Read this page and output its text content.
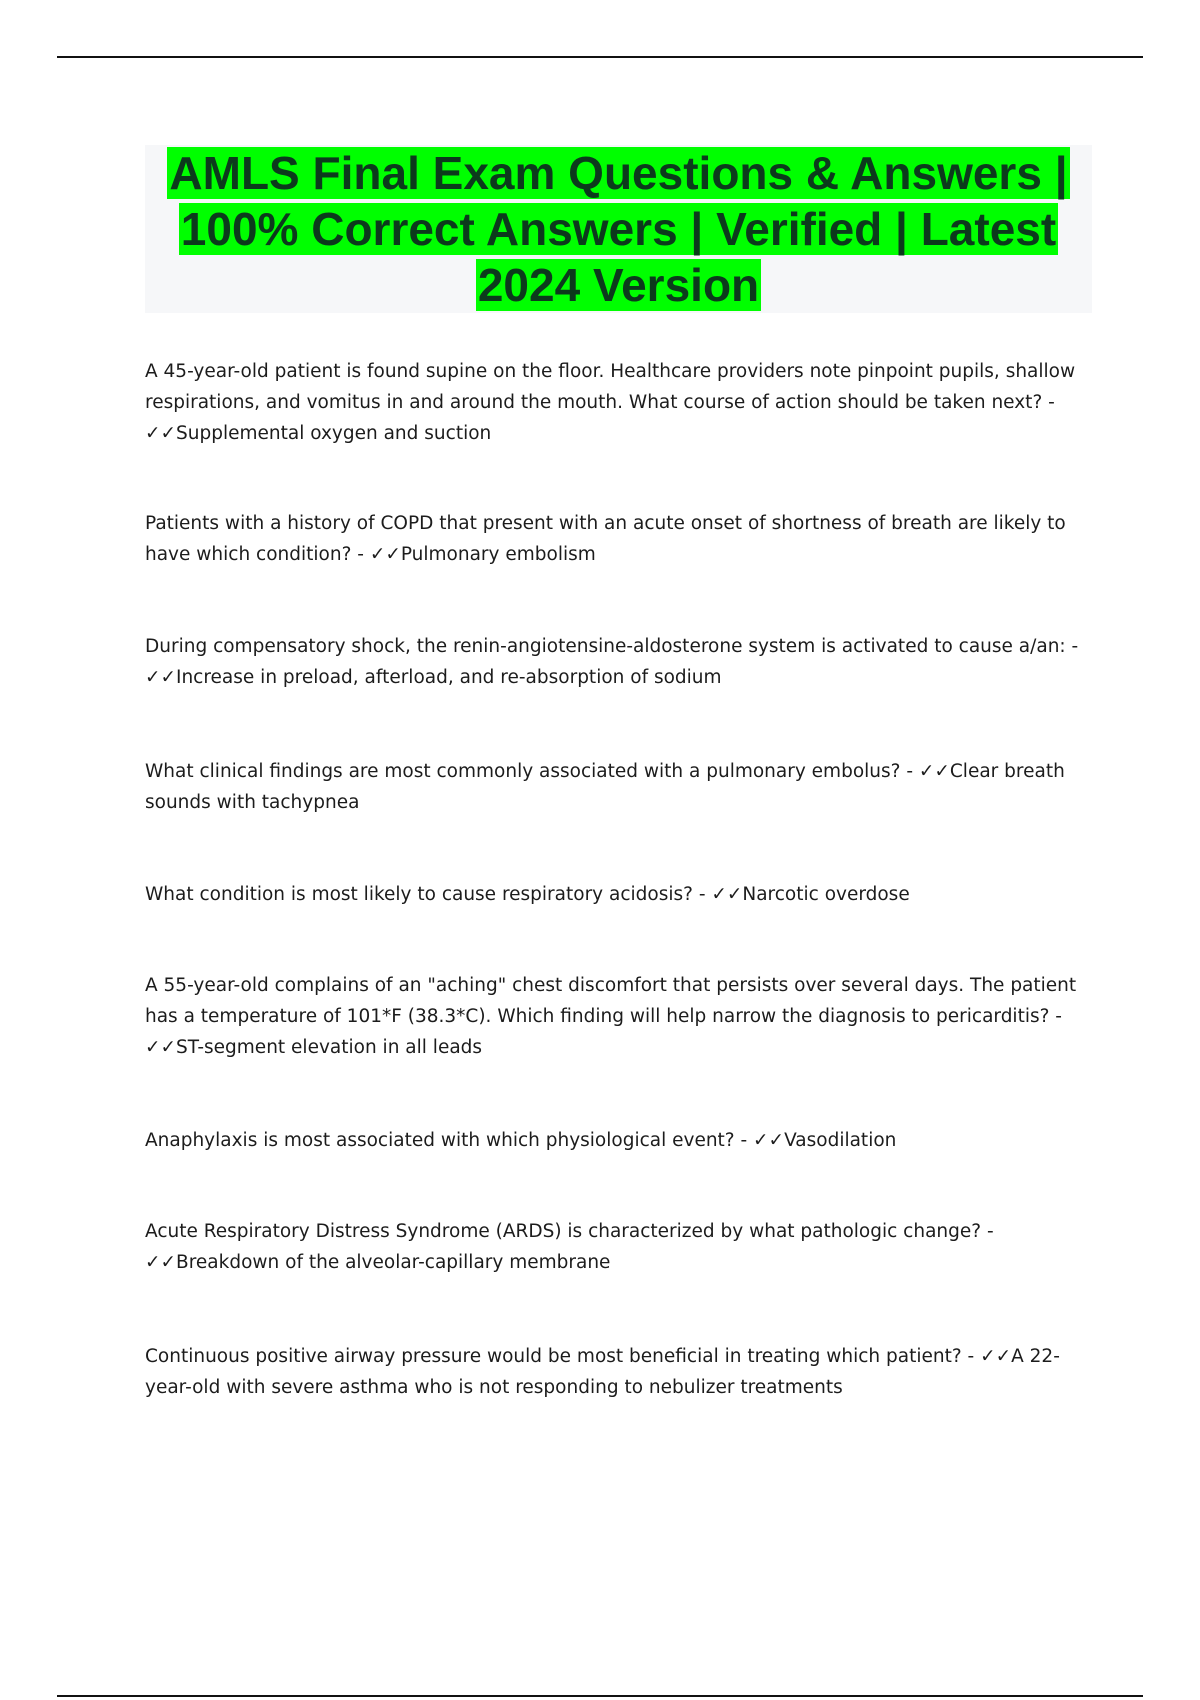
AMLS Final Exam Questions & Answers | 100% Correct Answers | Verified | Latest 2024 Version

A 45-year-old patient is found supine on the floor. Healthcare providers note pinpoint pupils, shallow respirations, and vomitus in and around the mouth. What course of action should be taken next? - ✓✓Supplemental oxygen and suction

Patients with a history of COPD that present with an acute onset of shortness of breath are likely to have which condition? - ✓✓Pulmonary embolism

During compensatory shock, the renin-angiotensine-aldosterone system is activated to cause a/an: - ✓✓Increase in preload, afterload, and re-absorption of sodium

What clinical findings are most commonly associated with a pulmonary embolus? - ✓✓Clear breath sounds with tachypnea

What condition is most likely to cause respiratory acidosis? - ✓✓Narcotic overdose

A 55-year-old complains of an "aching" chest discomfort that persists over several days. The patient has a temperature of 101*F (38.3*C). Which finding will help narrow the diagnosis to pericarditis? - ✓✓ST-segment elevation in all leads

Anaphylaxis is most associated with which physiological event? - ✓✓Vasodilation

Acute Respiratory Distress Syndrome (ARDS) is characterized by what pathologic change? - ✓✓Breakdown of the alveolar-capillary membrane

Continuous positive airway pressure would be most beneficial in treating which patient? - ✓✓A 22-year-old with severe asthma who is not responding to nebulizer treatments
